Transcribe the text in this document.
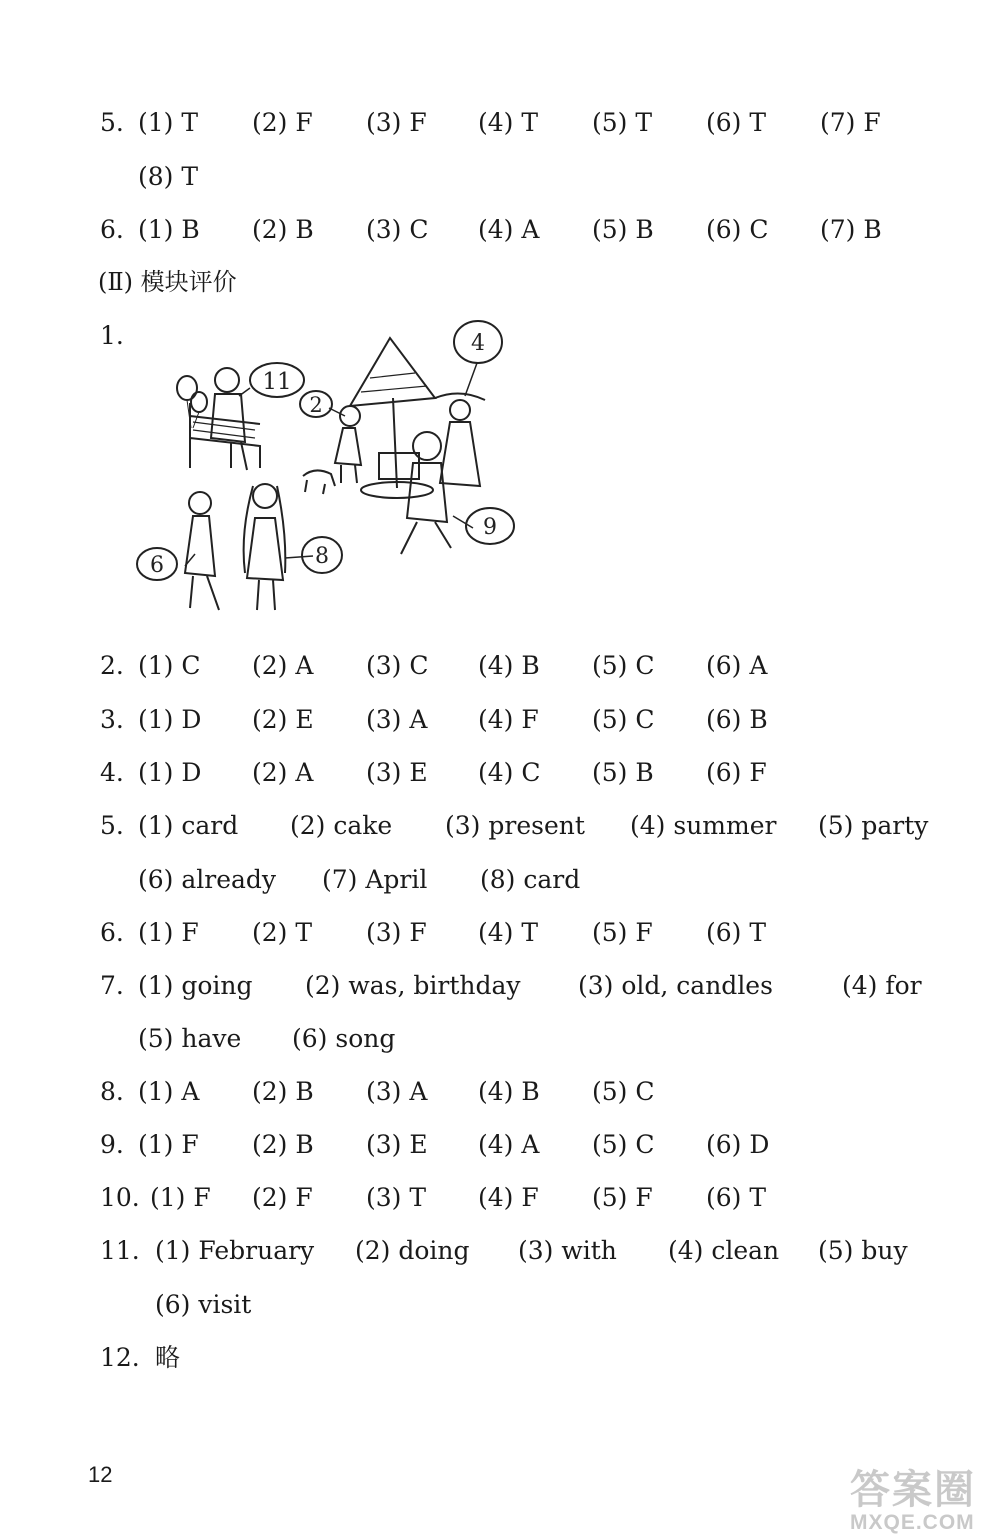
5. (1) T (2) F (3) F (4) T (5) T (6) T (7) F
(8) T
6. (1) B (2) B (3) C (4) A (5) B (6) C (7) B
2. (1) C (2) A (3) C (4) B (5) C (6) A
3. (1) D (2) E (3) A (4) F (5) C (6) B
4. (1) D (2) A (3) E (4) C (5) B (6) F
5. (1) card (2) cake (3) present (4) summer (5) party
(6) already (7) April (8) card
6. (1) F (2) T (3) F (4) T (5) F (6) T
7. (1) going (2) was, birthday (3) old, candles	(4) for
(5) have (6) song
8. (1) A (2) B (3) A (4) B (5) C
9. (1) F (2) B (3) E (4) A (5) C (6) D
10. (1) F (2) F (3) T (4) F (5) F (6) T
11. (1) February (2) doing (3) with (4) clean (5) buy
(6) visit
12. 略
(Ⅱ) 模块评价
1.
11
2
4
6	8
9
12	答案圈
MXQE.COM
